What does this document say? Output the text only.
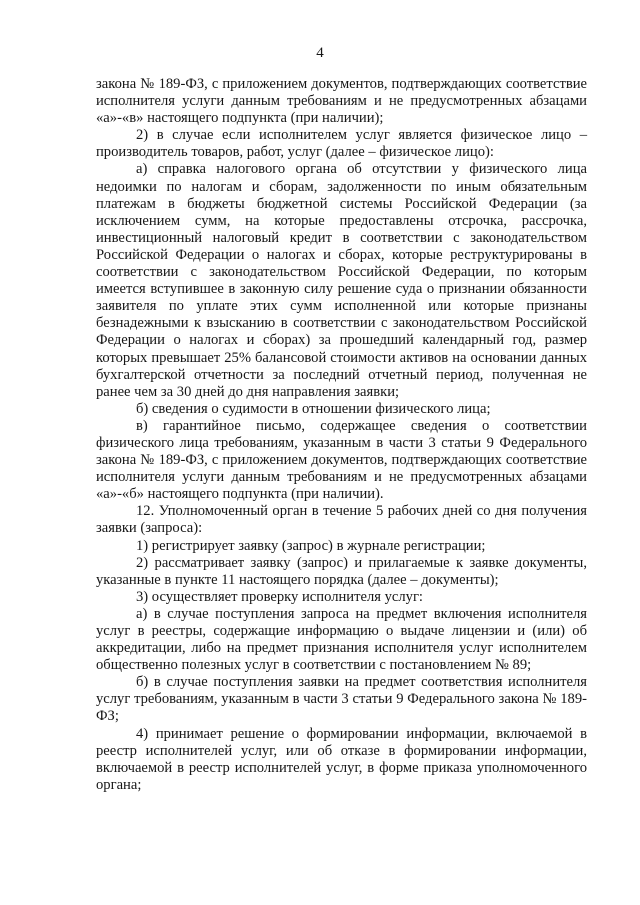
4

закона № 189-ФЗ, с приложением документов, подтверждающих соответствие исполнителя услуги данным требованиям и не предусмотренных абзацами «а»-«в» настоящего подпункта (при наличии);

2) в случае если исполнителем услуг является физическое лицо – производитель товаров, работ, услуг (далее – физическое лицо):

а) справка налогового органа об отсутствии у физического лица недоимки по налогам и сборам, задолженности по иным обязательным платежам в бюджеты бюджетной системы Российской Федерации (за исключением сумм, на которые предоставлены отсрочка, рассрочка, инвестиционный налоговый кредит в соответствии с законодательством Российской Федерации о налогах и сборах, которые реструктурированы в соответствии с законодательством Российской Федерации, по которым имеется вступившее в законную силу решение суда о признании обязанности заявителя по уплате этих сумм исполненной или которые признаны безнадежными к взысканию в соответствии с законодательством Российской Федерации о налогах и сборах) за прошедший календарный год, размер которых превышает 25% балансовой стоимости активов на основании данных бухгалтерской отчетности за последний отчетный период, полученная не ранее чем за 30 дней до дня направления заявки;

б) сведения о судимости в отношении физического лица;

в) гарантийное письмо, содержащее сведения о соответствии физического лица требованиям, указанным в части 3 статьи 9 Федерального закона № 189-ФЗ, с приложением документов, подтверждающих соответствие исполнителя услуги данным требованиям и не предусмотренных абзацами «а»-«б» настоящего подпункта (при наличии).

12. Уполномоченный орган в течение 5 рабочих дней со дня получения заявки (запроса):

1) регистрирует заявку (запрос) в журнале регистрации;

2) рассматривает заявку (запрос) и прилагаемые к заявке документы, указанные в пункте 11 настоящего порядка (далее – документы);

3) осуществляет проверку исполнителя услуг:

а) в случае поступления запроса на предмет включения исполнителя услуг в реестры, содержащие информацию о выдаче лицензии и (или) об аккредитации, либо на предмет признания исполнителя услуг исполнителем общественно полезных услуг в соответствии с постановлением № 89;

б) в случае поступления заявки на предмет соответствия исполнителя услуг требованиям, указанным в части 3 статьи 9 Федерального закона № 189-ФЗ;

4) принимает решение о формировании информации, включаемой в реестр исполнителей услуг, или об отказе в формировании информации, включаемой в реестр исполнителей услуг, в форме приказа уполномоченного органа;
